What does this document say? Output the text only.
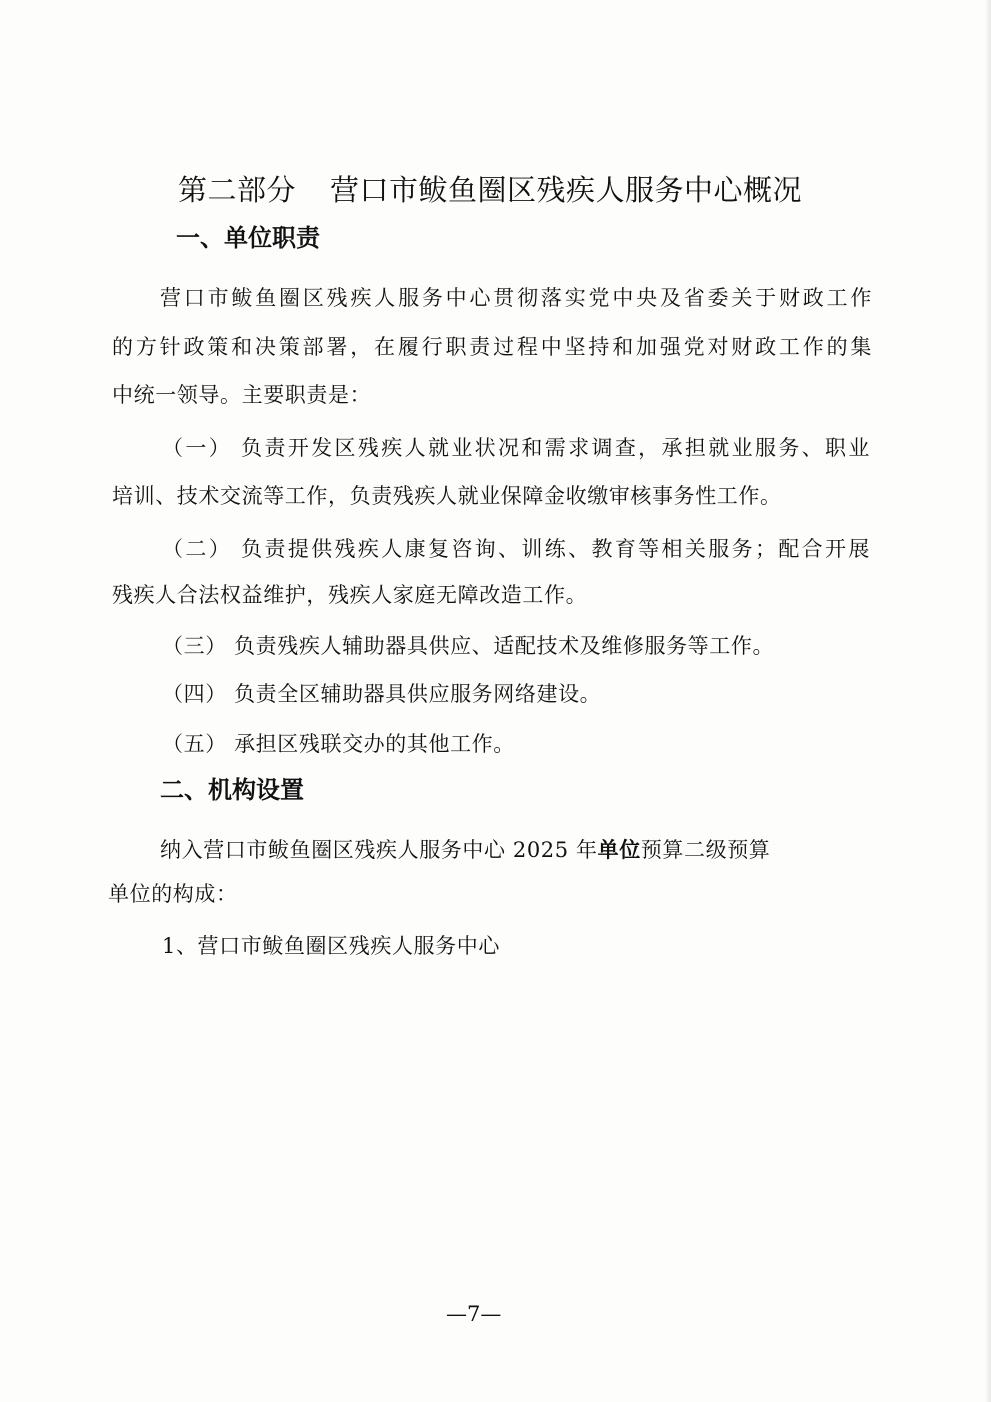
第二部分 营口市鲅鱼圈区残疾人服务中心概况
一、单位职责
营口市鲅鱼圈区残疾人服务中心贯彻落实党中央及省委关于财政工作
的方针政策和决策部署，在履行职责过程中坚持和加强党对财政工作的集
中统一领导。主要职责是：
（一） 负责开发区残疾人就业状况和需求调查，承担就业服务、职业
培训、技术交流等工作，负责残疾人就业保障金收缴审核事务性工作。
（二） 负责提供残疾人康复咨询、训练、教育等相关服务；配合开展
残疾人合法权益维护，残疾人家庭无障改造工作。
（三） 负责残疾人辅助器具供应、适配技术及维修服务等工作。
（四） 负责全区辅助器具供应服务网络建设。
（五） 承担区残联交办的其他工作。
二、机构设置
纳入营口市鲅鱼圈区残疾人服务中心 2025 年单位预算二级预算
单位的构成：
1、营口市鲅鱼圈区残疾人服务中心
—7—
